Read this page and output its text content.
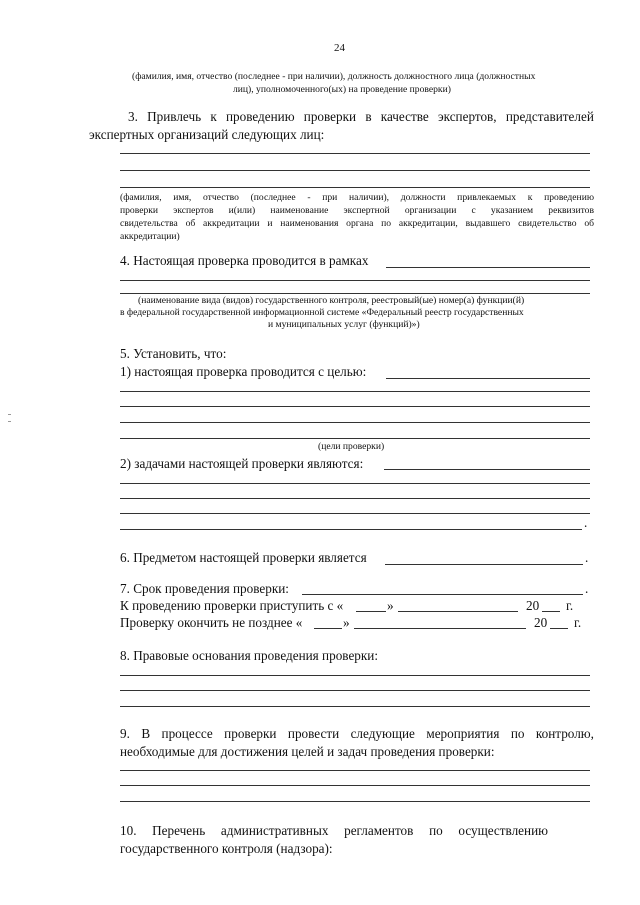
24
(фамилия, имя, отчество (последнее - при наличии), должность должностного лица (должностных
лиц), уполномоченного(ых) на проведение проверки)
3. Привлечь к проведению проверки в качестве экспертов, представителей
экспертных организаций следующих лиц:
(фамилия, имя, отчество (последнее - при наличии), должности привлекаемых к проведению
проверки экспертов и(или) наименование экспертной организации с указанием реквизитов
свидетельства об аккредитации и наименования органа по аккредитации, выдавшего свидетельство об
аккредитации)
4. Настоящая проверка проводится в рамках
(наименование вида (видов) государственного контроля, реестровый(ые) номер(а) функции(й)
в федеральной государственной информационной системе «Федеральный реестр государственных
и муниципальных услуг (функций)»)
5. Установить, что:
1) настоящая проверка проводится с целью:
(цели проверки)
2) задачами настоящей проверки являются:
.
6. Предметом настоящей проверки является	.
7. Срок проведения проверки:	.
К проведению проверки приступить с «	»	20 г.
Проверку окончить не позднее «	»	20 г.
8. Правовые основания проведения проверки:
9. В процессе проверки провести следующие мероприятия по контролю,
необходимые для достижения целей и задач проведения проверки:
10. Перечень административных регламентов по осуществлению
государственного контроля (надзора):
